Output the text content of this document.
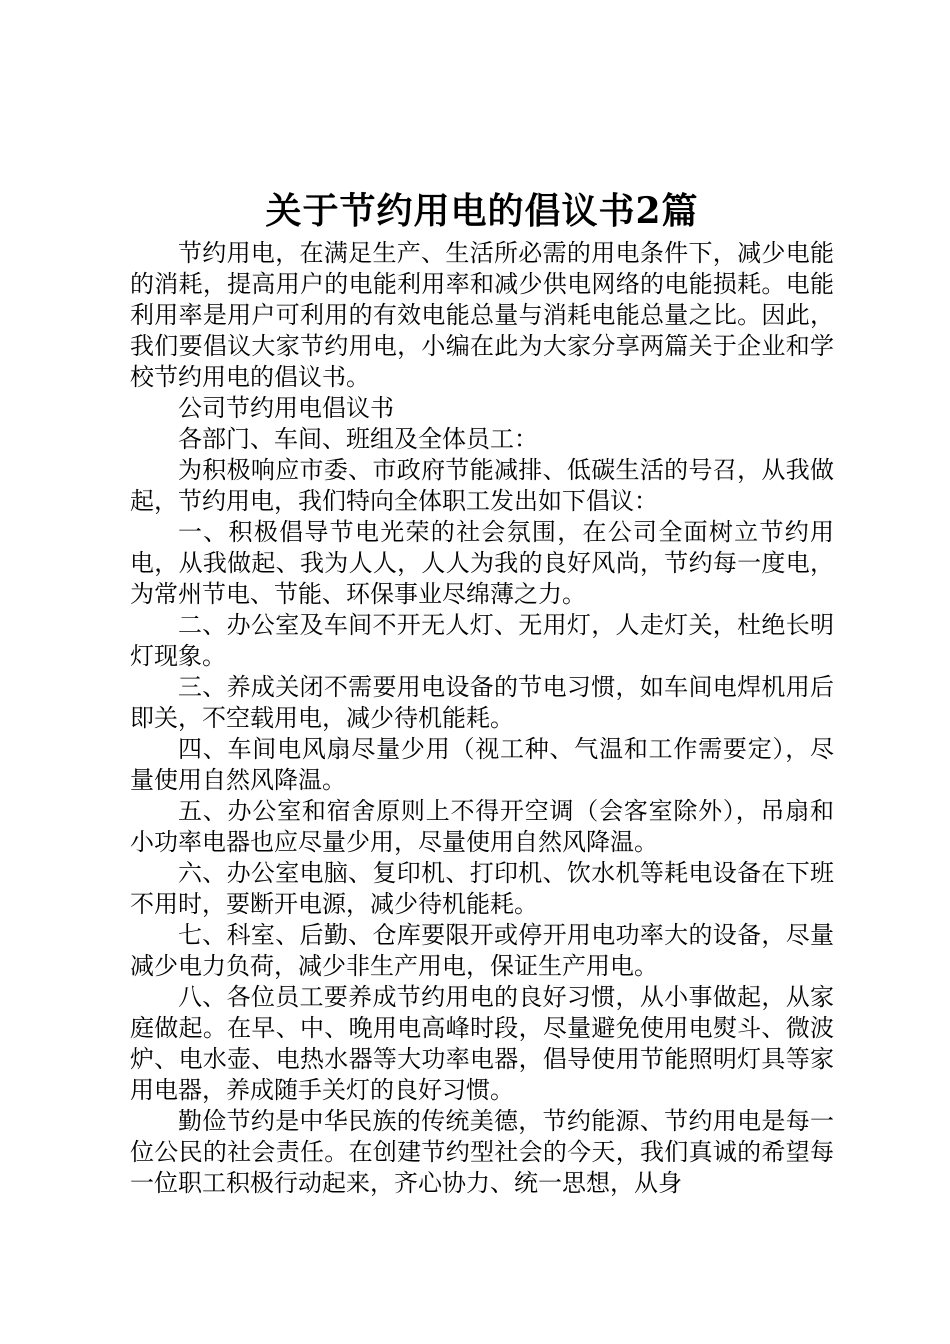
关于节约用电的倡议书2篇

节约用电，在满足生产、生活所必需的用电条件下，减少电能的消耗，提高用户的电能利用率和减少供电网络的电能损耗。电能利用率是用户可利用的有效电能总量与消耗电能总量之比。因此，我们要倡议大家节约用电，小编在此为大家分享两篇关于企业和学校节约用电的倡议书。

公司节约用电倡议书

各部门、车间、班组及全体员工：

为积极响应市委、市政府节能减排、低碳生活的号召，从我做起，节约用电，我们特向全体职工发出如下倡议：

一、积极倡导节电光荣的社会氛围，在公司全面树立节约用电，从我做起、我为人人，人人为我的良好风尚，节约每一度电，为常州节电、节能、环保事业尽绵薄之力。

二、办公室及车间不开无人灯、无用灯，人走灯关，杜绝长明灯现象。

三、养成关闭不需要用电设备的节电习惯，如车间电焊机用后即关，不空载用电，减少待机能耗。

四、车间电风扇尽量少用（视工种、气温和工作需要定），尽量使用自然风降温。

五、办公室和宿舍原则上不得开空调（会客室除外），吊扇和小功率电器也应尽量少用，尽量使用自然风降温。

六、办公室电脑、复印机、打印机、饮水机等耗电设备在下班不用时，要断开电源，减少待机能耗。

七、科室、后勤、仓库要限开或停开用电功率大的设备，尽量减少电力负荷，减少非生产用电，保证生产用电。

八、各位员工要养成节约用电的良好习惯，从小事做起，从家庭做起。在早、中、晚用电高峰时段，尽量避免使用电熨斗、微波炉、电水壶、电热水器等大功率电器，倡导使用节能照明灯具等家用电器，养成随手关灯的良好习惯。

勤俭节约是中华民族的传统美德，节约能源、节约用电是每一位公民的社会责任。在创建节约型社会的今天，我们真诚的希望每一位职工积极行动起来，齐心协力、统一思想，从身
